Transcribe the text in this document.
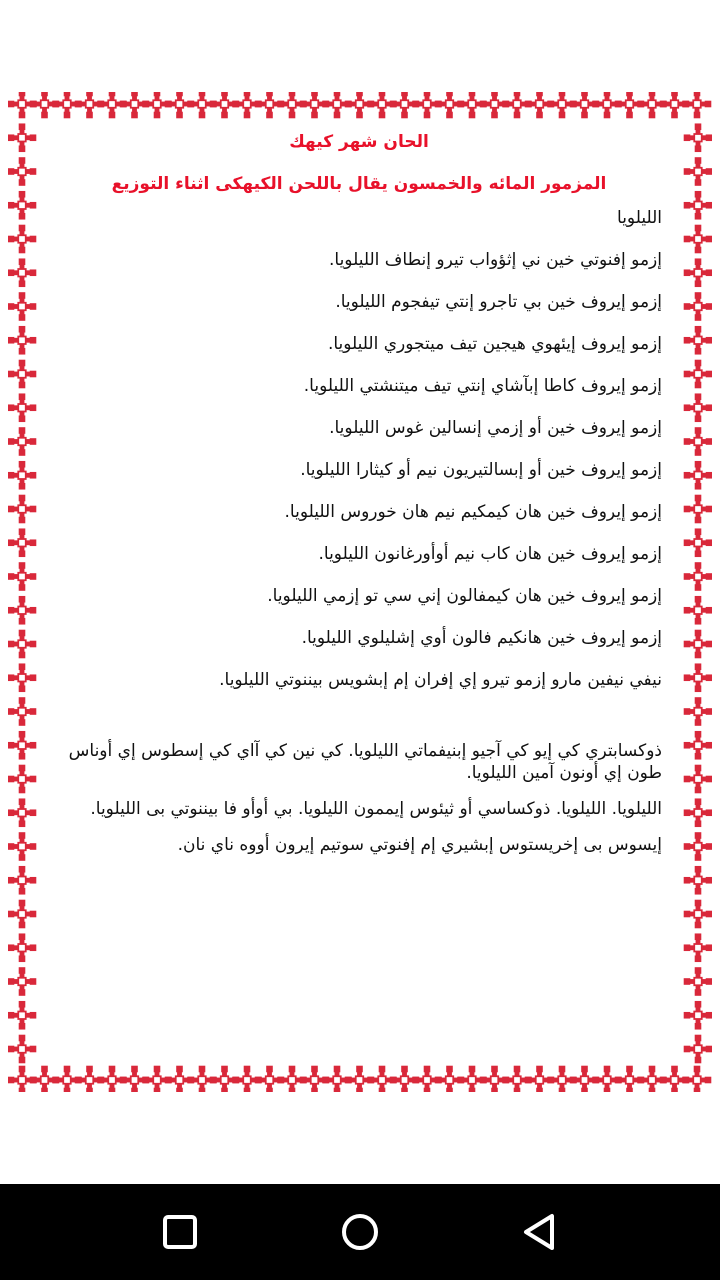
الحان شهر كيهك
المزمور المائه والخمسون يقال باللحن الكيهكى اثناء التوزيع
الليلويا
إزمو إفنوتي خين ني إثؤواب تيرو إنطاف الليلويا.
إزمو إيروف خين بي تاجرو إنتي تيفجوم الليلويا.
إزمو إيروف إيئهوي هيجين تيف ميتجوري الليلويا.
إزمو إيروف كاطا إبآشاي إنتي تيف ميتنشتي الليلويا.
إزمو إيروف خين أو إزمي إنسالين غوس الليلويا.
إزمو إيروف خين أو إبسالتيريون نيم أو كيثارا الليلويا.
إزمو إيروف خين هان كيمكيم نيم هان خوروس الليلويا.
إزمو إيروف خين هان كاب نيم أوأورغانون الليلويا.
إزمو إيروف خين هان كيمفالون إني سي تو إزمي الليلويا.
إزمو إيروف خين هانكيم فالون أوي إشليلوي الليلويا.
نيفي نيفين مارو إزمو تيرو إي إفران إم إبشويس بيننوتي الليلويا.
ذوكسابتري كي إيو كي آجيو إبنيفماتي الليلويا. كي نين كي آاي كي إسطوس إي أوناس طون إي أونون آمين الليلويا.
الليلويا. الليلويا. ذوكساسي أو ثيئوس إيممون الليلويا. بي أوأو فا بيننوتي بى الليلويا.
إيسوس بى إخريستوس إبشيري إم إفنوتي سوتيم إيرون أووه ناي نان.
